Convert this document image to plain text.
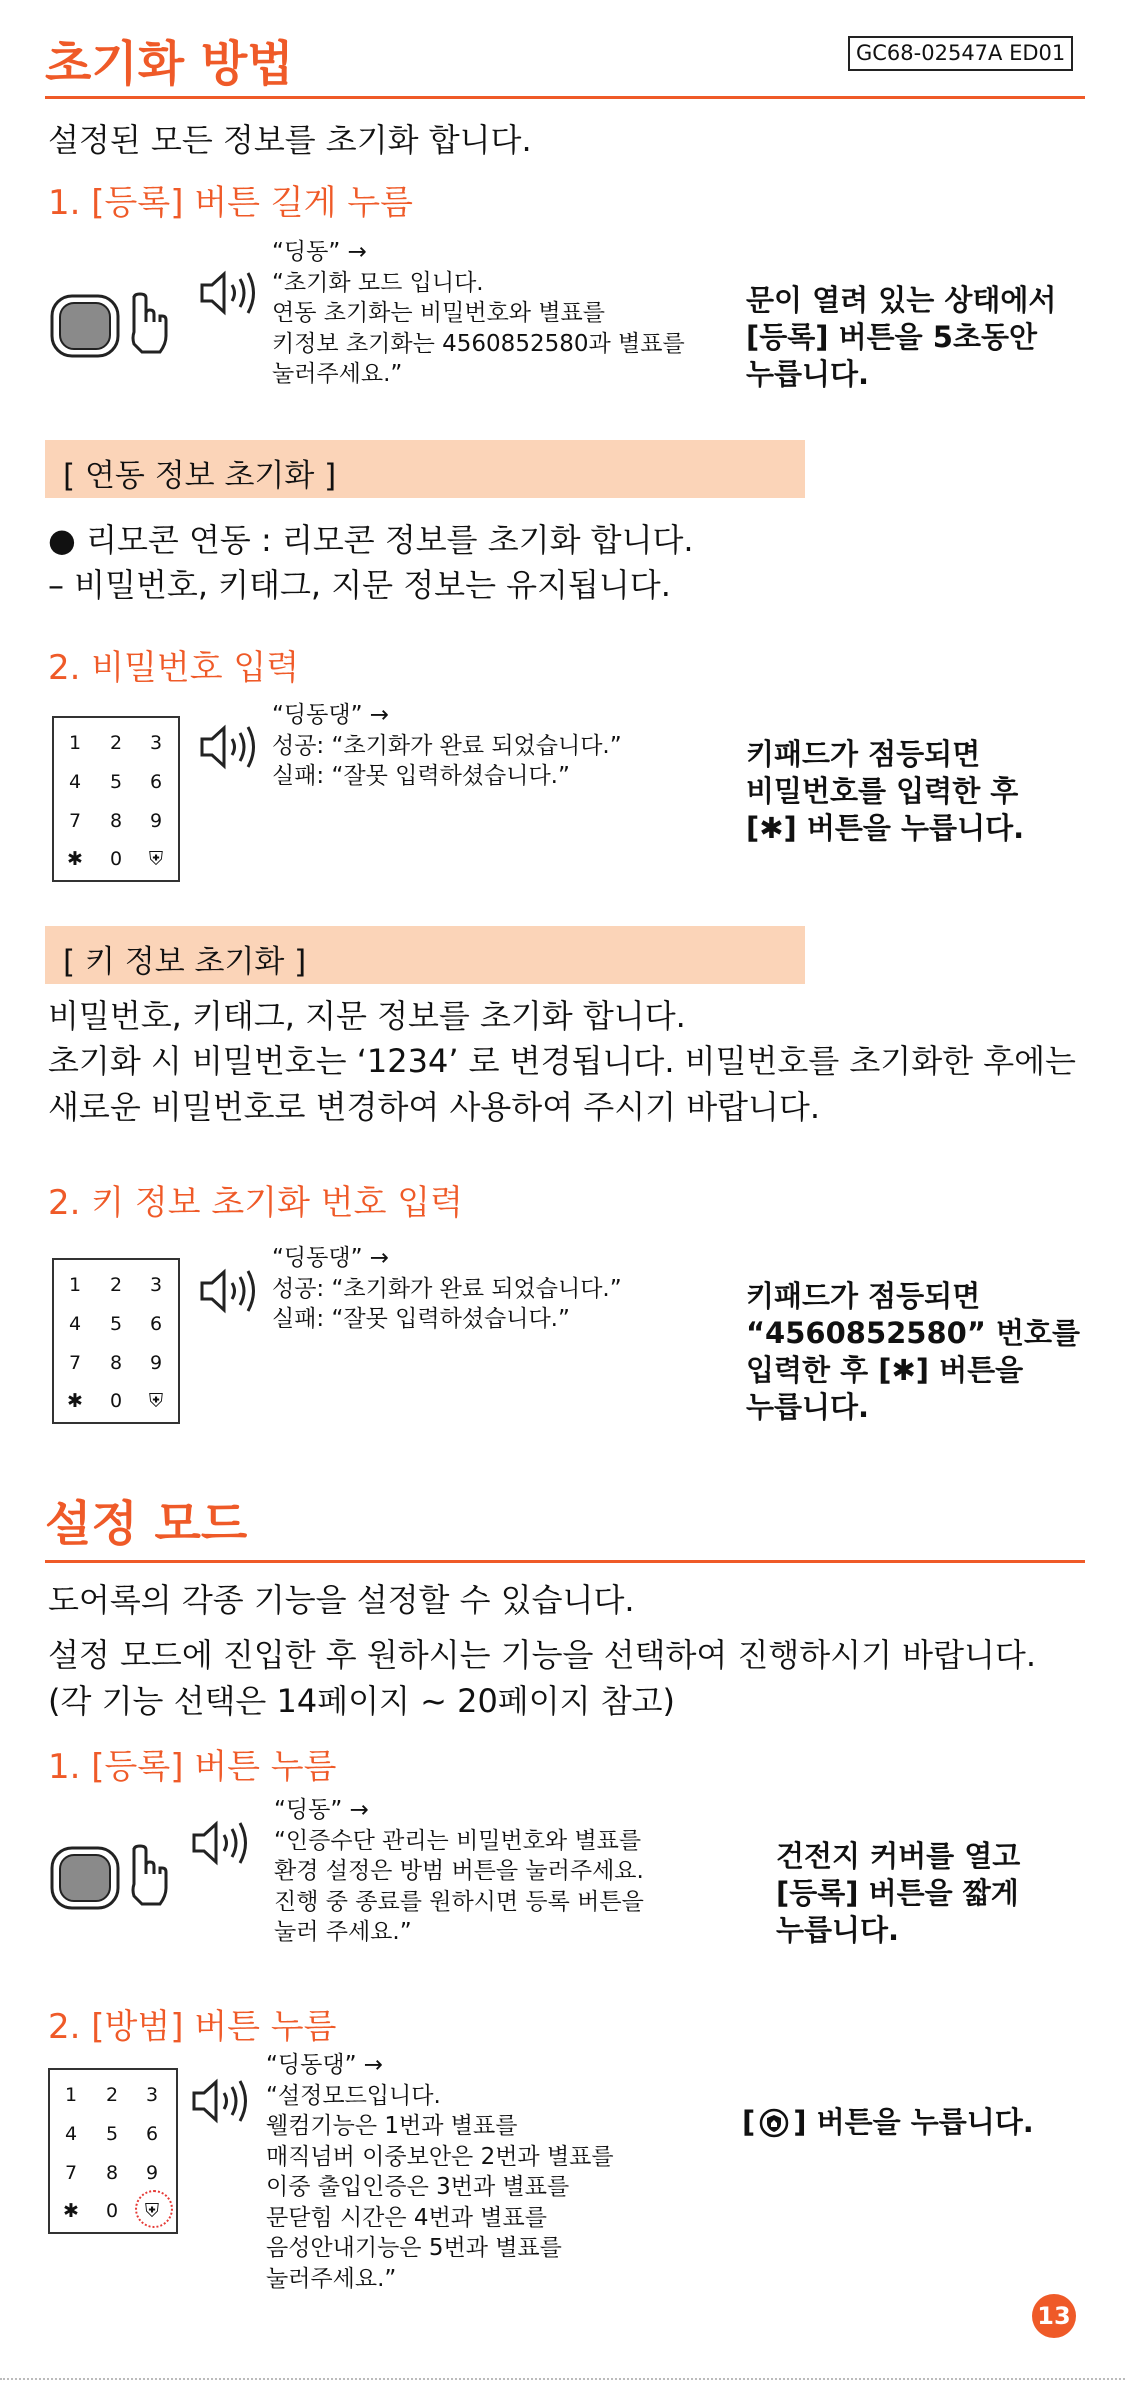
초기화 방법	GC68-02547A ED01
설정된 모든 정보를 초기화 합니다.
1. [등록] 버튼 길게 누름
“딩동” →
“초기화 모드 입니다.
연동 초기화는 비밀번호와 별표를
키정보 초기화는 4560852580과 별표를
눌러주세요.”
문이 열려 있는 상태에서
[등록] 버튼을 5초동안
누릅니다.
[ 연동 정보 초기화 ]
● 리모콘 연동 : 리모콘 정보를 초기화 합니다.
– 비밀번호, 키태그, 지문 정보는 유지됩니다.
2. 비밀번호 입력
1	2	3
4	5	6
7	8	9
✱	0	⛨
“딩동댕” →
성공: “초기화가 완료 되었습니다.”
실패: “잘못 입력하셨습니다.”
키패드가 점등되면
비밀번호를 입력한 후
[✱] 버튼을 누릅니다.
[ 키 정보 초기화 ]
비밀번호, 키태그, 지문 정보를 초기화 합니다.
초기화 시 비밀번호는 ‘1234’ 로 변경됩니다. 비밀번호를 초기화한 후에는
새로운 비밀번호로 변경하여 사용하여 주시기 바랍니다.
2. 키 정보 초기화 번호 입력
1	2	3
4	5	6
7	8	9
✱	0	⛨
“딩동댕” →
성공: “초기화가 완료 되었습니다.”
실패: “잘못 입력하셨습니다.”
키패드가 점등되면
“4560852580” 번호를
입력한 후 [✱] 버튼을
누릅니다.
설정 모드
도어록의 각종 기능을 설정할 수 있습니다.
설정 모드에 진입한 후 원하시는 기능을 선택하여 진행하시기 바랍니다.
(각 기능 선택은 14페이지 ~ 20페이지 참고)
1. [등록] 버튼 누름
“딩동” →
“인증수단 관리는 비밀번호와 별표를
환경 설정은 방범 버튼을 눌러주세요.
진행 중 종료를 원하시면 등록 버튼을
눌러 주세요.”
건전지 커버를 열고
[등록] 버튼을 짧게
누릅니다.
2. [방범] 버튼 누름
1	2	3
4	5	6
7	8	9
✱	0	⛨
“딩동댕” →
“설정모드입니다.
웰컴기능은 1번과 별표를
매직넘버 이중보안은 2번과 별표를
이중 출입인증은 3번과 별표를
문닫힘 시간은 4번과 별표를
음성안내기능은 5번과 별표를
눌러주세요.”
[ ] 버튼을 누릅니다.
13
